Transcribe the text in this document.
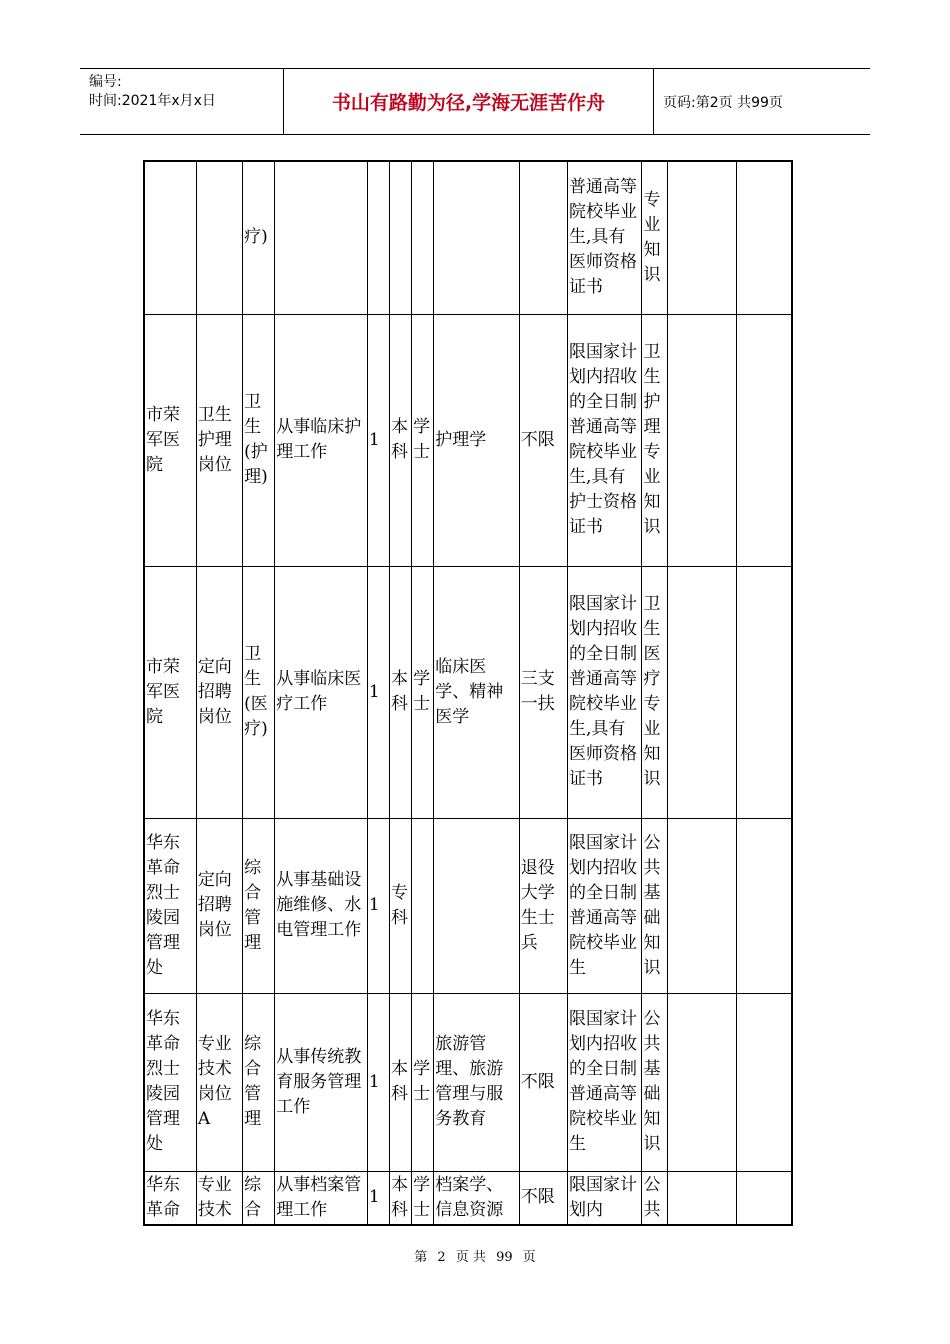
编号:
时间:2021年x月x日	书山有路勤为径,学海无涯苦作舟	页码:第2页 共99页
		疗)							普通高等院校毕业生,具有医师资格证书	专业知识		
市荣军医院	卫生护理岗位	卫生(护理)	从事临床护理工作	1	本科	学士	护理学	不限	限国家计划内招收的全日制普通高等院校毕业生,具有护士资格证书	卫生护理专业知识		
市荣军医院	定向招聘岗位	卫生(医疗)	从事临床医疗工作	1	本科	学士	临床医学、精神医学	三支一扶	限国家计划内招收的全日制普通高等院校毕业生,具有医师资格证书	卫生医疗专业知识		
华东革命烈士陵园管理处	定向招聘岗位	综合管理	从事基础设施维修、水电管理工作	1	专科			退役大学生士兵	限国家计划内招收的全日制普通高等院校毕业生	公共基础知识		
华东革命烈士陵园管理处	专业技术岗位A	综合管理	从事传统教育服务管理工作	1	本科	学士	旅游管理、旅游管理与服务教育	不限	限国家计划内招收的全日制普通高等院校毕业生	公共基础知识		
华东革命	专业技术	综合	从事档案管理工作	1	本科	学士	档案学、信息资源	不限	限国家计划内	公共		
第 2 页 共 99 页
